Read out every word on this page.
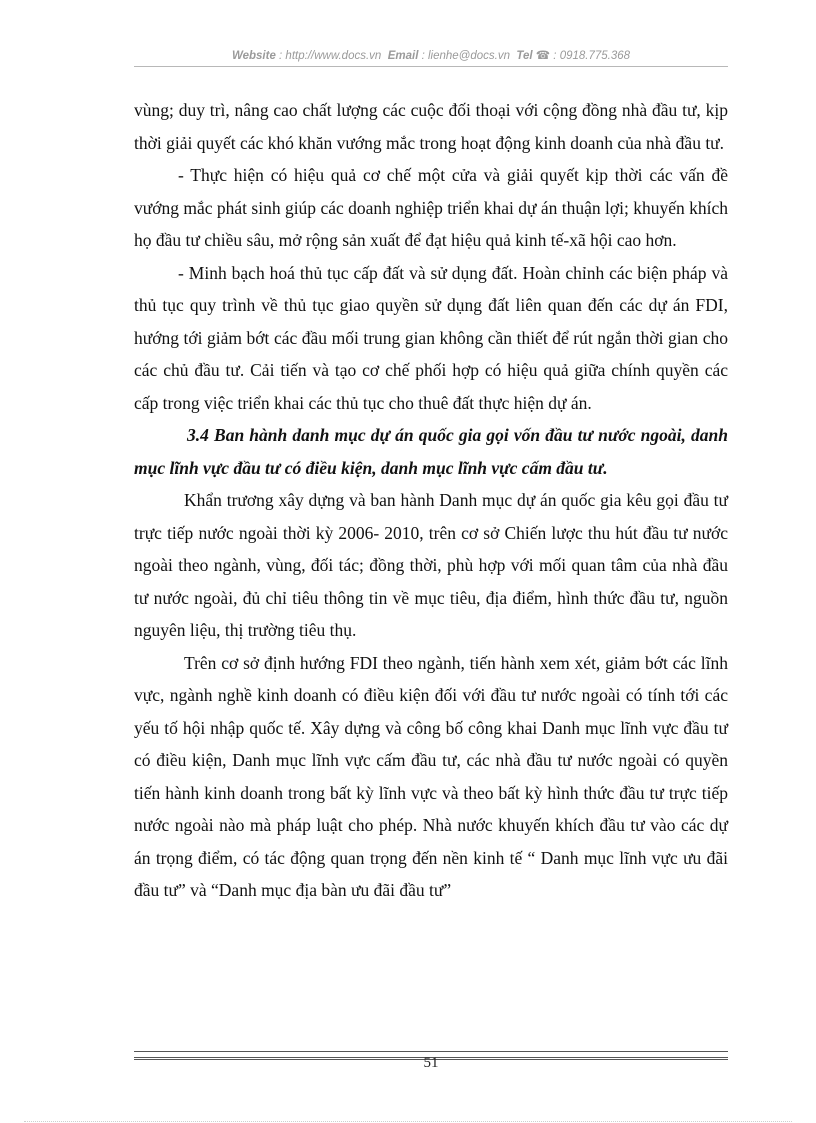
Website : http://www.docs.vn Email : lienhe@docs.vn Tel ☎ : 0918.775.368

vùng; duy trì, nâng cao chất lượng các cuộc đối thoại với cộng đồng nhà đầu tư, kịp thời giải quyết các khó khăn vướng mắc trong hoạt động kinh doanh của nhà đầu tư.

- Thực hiện có hiệu quả cơ chế một cửa và giải quyết kịp thời các vấn đề vướng mắc phát sinh giúp các doanh nghiệp triển khai dự án thuận lợi; khuyến khích họ đầu tư chiều sâu, mở rộng sản xuất để đạt hiệu quả kinh tế-xã hội cao hơn.

- Minh bạch hoá thủ tục cấp đất và sử dụng đất. Hoàn chỉnh các biện pháp và thủ tục quy trình về thủ tục giao quyền sử dụng đất liên quan đến các dự án FDI, hướng tới giảm bớt các đầu mối trung gian không cần thiết để rút ngắn thời gian cho các chủ đầu tư. Cải tiến và tạo cơ chế phối hợp có hiệu quả giữa chính quyền các cấp trong việc triển khai các thủ tục cho thuê đất thực hiện dự án.

3.4 Ban hành danh mục dự án quốc gia gọi vốn đầu tư nước ngoài, danh mục lĩnh vực đầu tư có điều kiện, danh mục lĩnh vực cấm đầu tư.

Khẩn trương xây dựng và ban hành Danh mục dự án quốc gia kêu gọi đầu tư trực tiếp nước ngoài thời kỳ 2006- 2010, trên cơ sở Chiến lược thu hút đầu tư nước ngoài theo ngành, vùng, đối tác; đồng thời, phù hợp với mối quan tâm của nhà đầu tư nước ngoài, đủ chỉ tiêu thông tin về mục tiêu, địa điểm, hình thức đầu tư, nguồn nguyên liệu, thị trường tiêu thụ.

Trên cơ sở định hướng FDI theo ngành, tiến hành xem xét, giảm bớt các lĩnh vực, ngành nghề kinh doanh có điều kiện đối với đầu tư nước ngoài có tính tới các yếu tố hội nhập quốc tế. Xây dựng và công bố công khai Danh mục lĩnh vực đầu tư có điều kiện, Danh mục lĩnh vực cấm đầu tư, các nhà đầu tư nước ngoài có quyền tiến hành kinh doanh trong bất kỳ lĩnh vực và theo bất kỳ hình thức đầu tư trực tiếp nước ngoài nào mà pháp luật cho phép. Nhà nước khuyến khích đầu tư vào các dự án trọng điểm, có tác động quan trọng đến nền kinh tế “ Danh mục lĩnh vực ưu đãi đầu tư” và “Danh mục địa bàn ưu đãi đầu tư”

51
